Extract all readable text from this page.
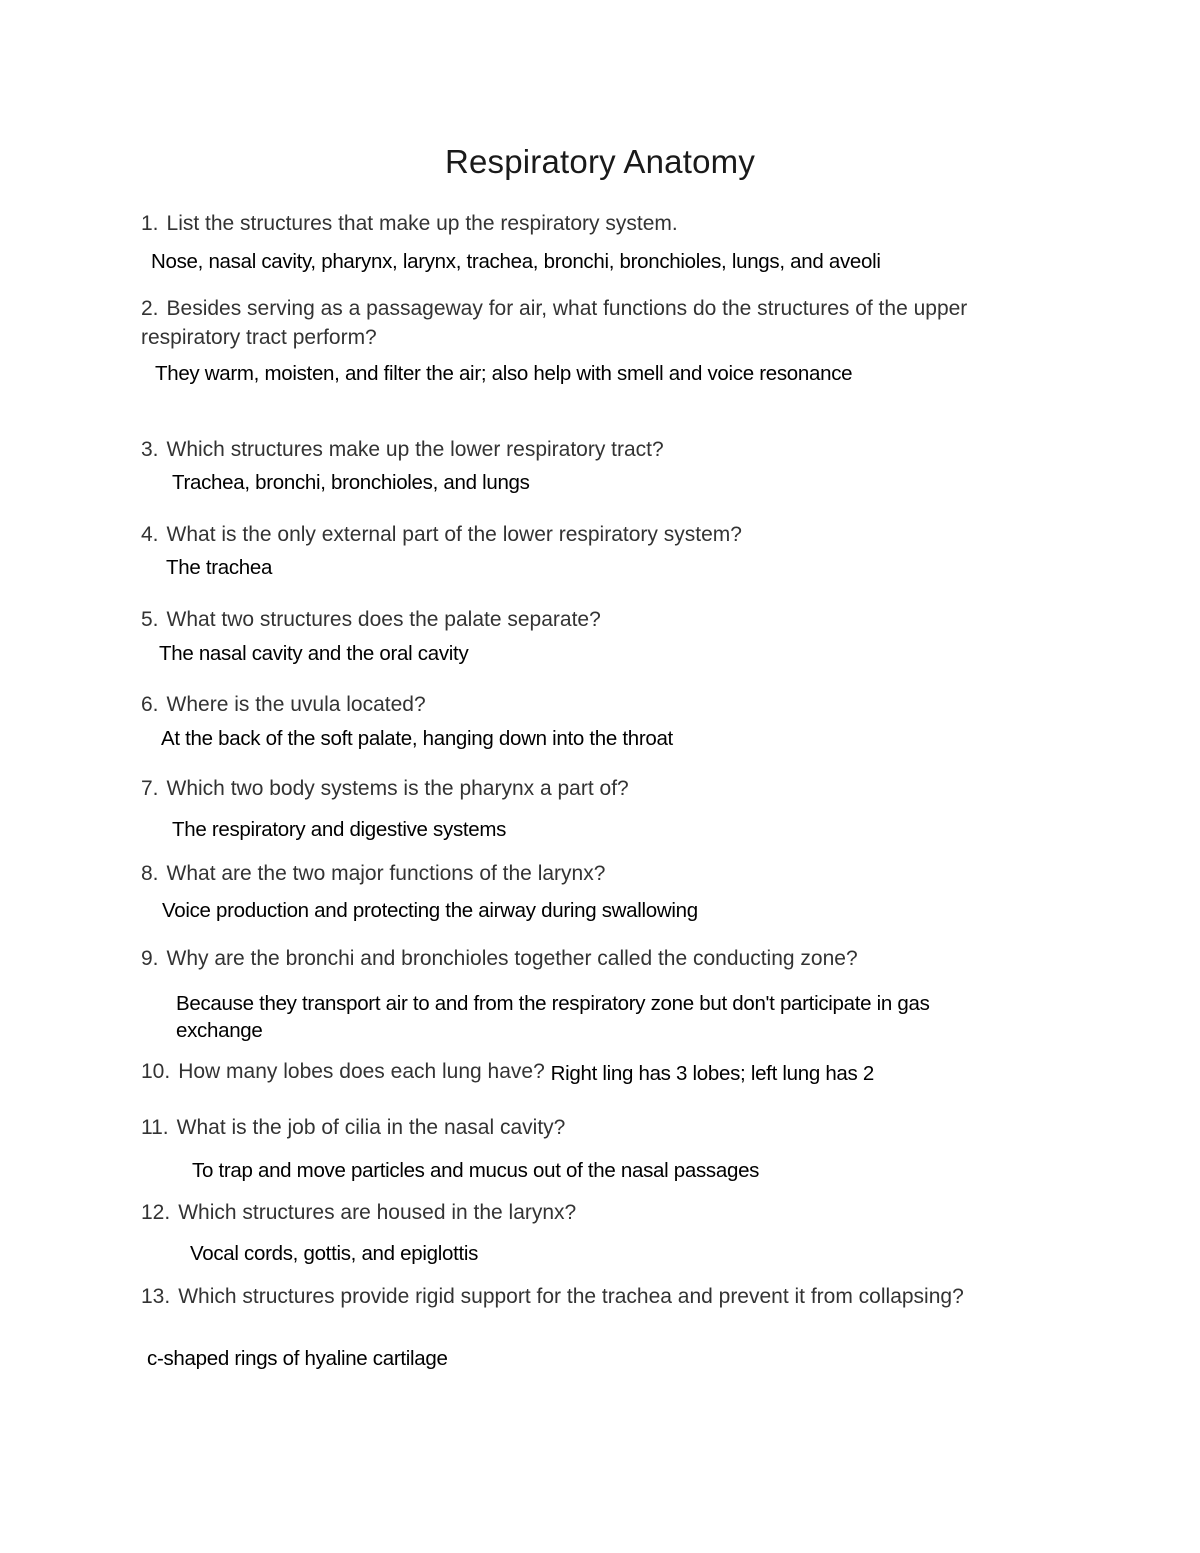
Respiratory Anatomy
1. List the structures that make up the respiratory system.
Nose, nasal cavity, pharynx, larynx, trachea, bronchi, bronchioles, lungs, and aveoli
2. Besides serving as a passageway for air, what functions do the structures of the upper respiratory tract perform?
They warm, moisten, and filter the air; also help with smell and voice resonance
3. Which structures make up the lower respiratory tract?
Trachea, bronchi, bronchioles, and lungs
4. What is the only external part of the lower respiratory system?
The trachea
5. What two structures does the palate separate?
The nasal cavity and the oral cavity
6. Where is the uvula located?
At the back of the soft palate, hanging down into the throat
7. Which two body systems is the pharynx a part of?
The respiratory and digestive systems
8. What are the two major functions of the larynx?
Voice production and protecting the airway during swallowing
9. Why are the bronchi and bronchioles together called the conducting zone?
Because they transport air to and from the respiratory zone but don't participate in gas exchange
10. How many lobes does each lung have? Right ling has 3 lobes; left lung has 2
11. What is the job of cilia in the nasal cavity?
To trap and move particles and mucus out of the nasal passages
12. Which structures are housed in the larynx?
Vocal cords, gottis, and epiglottis
13. Which structures provide rigid support for the trachea and prevent it from collapsing?
c-shaped rings of hyaline cartilage
